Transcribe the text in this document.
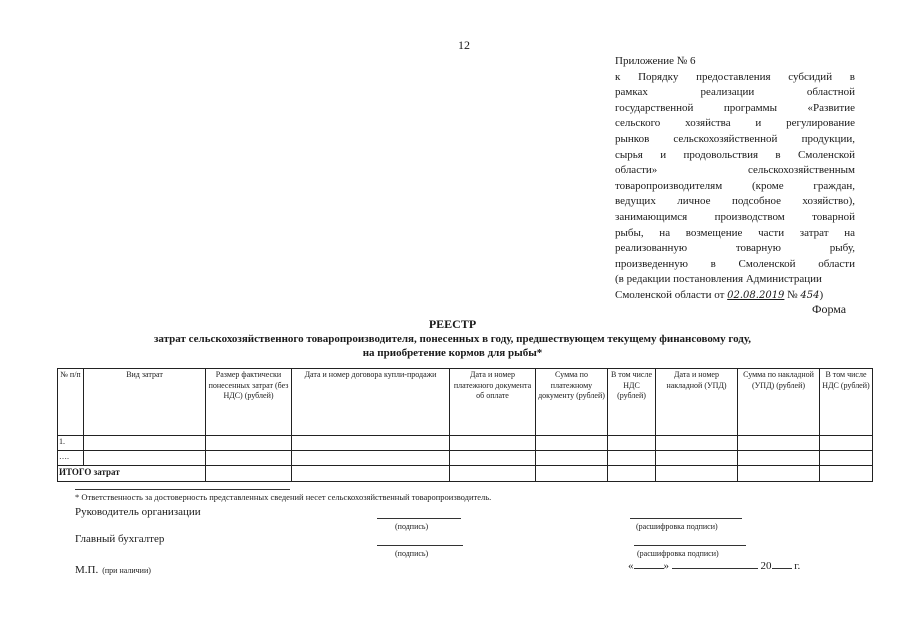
12
Приложение № 6
к Порядку предоставления субсидий в
рамках реализации областной
государственной программы «Развитие
сельского хозяйства и регулирование
рынков сельскохозяйственной продукции,
сырья и продовольствия в Смоленской
области» сельскохозяйственным
товаропроизводителям (кроме граждан,
ведущих личное подсобное хозяйство),
занимающимся производством товарной
рыбы, на возмещение части затрат на
реализованную товарную рыбу,
произведенную в Смоленской области
(в редакции постановления Администрации
Смоленской области от 02.08.2019 № 454)
Форма
РЕЕСТР
затрат сельскохозяйственного товаропроизводителя, понесенных в году, предшествующем текущему финансовому году,
на приобретение кормов для рыбы*
№ п/п	Вид затрат	Размер фактически понесенных затрат (без НДС) (рублей)	Дата и номер договора купли-продажи	Дата и номер платежного документа об оплате	Сумма по платежному документу (рублей)	В том числе НДС (рублей)	Дата и номер накладной (УПД)	Сумма по накладной (УПД) (рублей)	В том числе НДС (рублей)
1.									
….									
ИТОГО затрат									
* Ответственность за достоверность представленных сведений несет сельскохозяйственный товаропроизводитель.
Руководитель организации
(подпись)	(расшифровка подписи)
Главный бухгалтер
(подпись)	(расшифровка подписи)
М.П. (при наличии)	«	»	20 г.
